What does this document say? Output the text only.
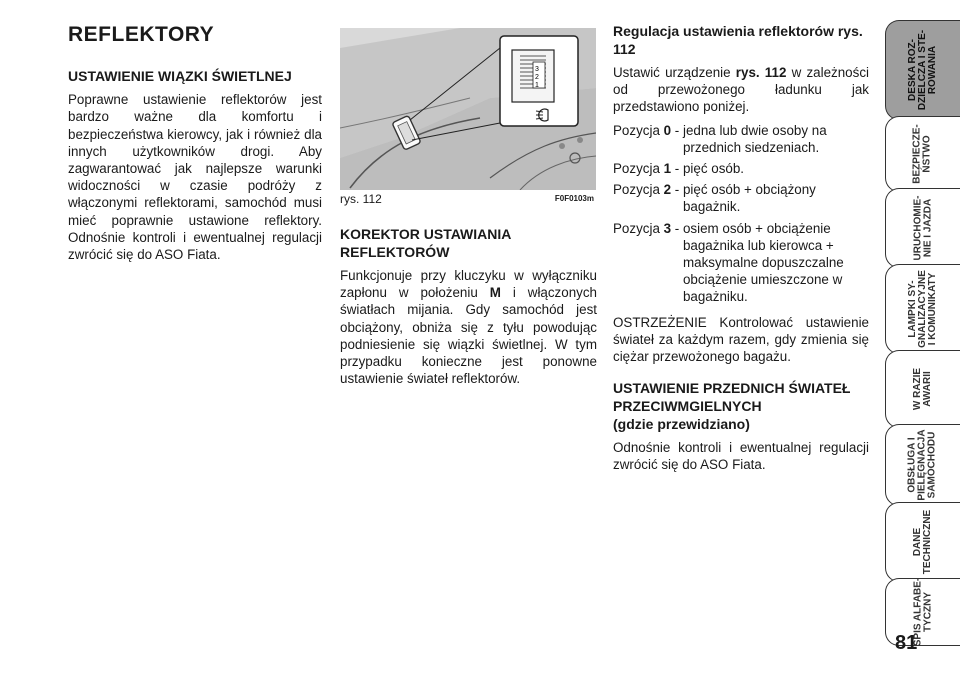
REFLEKTORY
USTAWIENIE WIĄZKI ŚWIETLNEJ

Poprawne ustawienie reflektorów jest bardzo ważne dla komfortu i bezpieczeństwa kierowcy, jak i również dla innych użytkowników drogi. Aby zagwarantować jak najlepsze warunki widoczności w czasie podróży z włączonymi reflektorami, samochód musi mieć poprawnie ustawione reflektory. Odnośnie kontroli i ewentualnej regulacji zwrócić się do ASO Fiata.

3
2
1
rys. 112	F0F0103m
KOREKTOR USTAWIANIA REFLEKTORÓW

Funkcjonuje przy kluczyku w wyłączniku zapłonu w położeniu M i włączonych światłach mijania. Gdy samochód jest obciążony, obniża się z tyłu powodując podniesienie się wiązki świetlnej. W tym przypadku konieczne jest ponowne ustawienie świateł reflektorów.

Regulacja ustawienia reflektorów rys. 112

Ustawić urządzenie rys. 112 w zależności od przewożonego ładunku jak przedstawiono poniżej.

Pozycja 0 - jedna lub dwie osoby na przednich siedzeniach.
Pozycja 1 - pięć osób.
Pozycja 2 - pięć osób + obciążony bagażnik.
Pozycja 3 - osiem osób + obciążenie bagażnika lub kierowca + maksymalne dopuszczalne obciążenie umieszczone w bagażniku.

OSTRZEŻENIE Kontrolować ustawienie świateł za każdym razem, gdy zmienia się ciężar przewożonego bagażu.

USTAWIENIE PRZEDNICH ŚWIATEŁ PRZECIWMGIELNYCH
(gdzie przewidziano)

Odnośnie kontroli i ewentualnej regulacji zwrócić się do ASO Fiata.

DESKA ROZ- DZIELCZA I STE- ROWANIA
BEZPIECZE- ŃSTWO
URUCHOMIE- NIE I JAZDA
LAMPKI SY- GNALIZACYJNE I KOMUNIKATY
W RAZIE AWARII
OBSŁUGA I PIELĘGNACJA SAMOCHODU
DANE TECHNICZNE
SPIS ALFABE- TYCZNY
81
